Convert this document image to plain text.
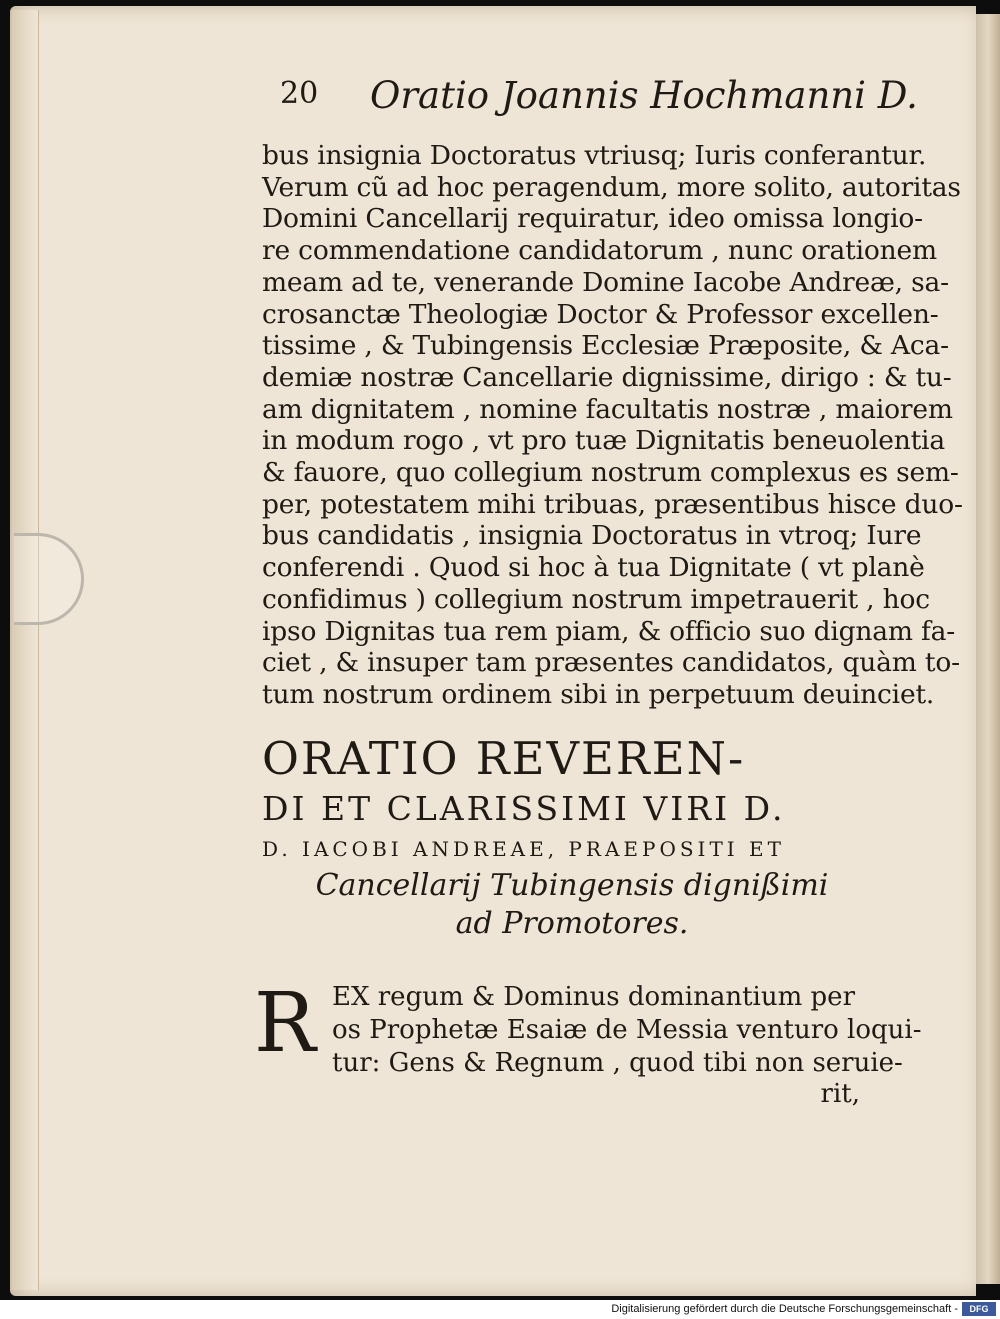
20 Oratio Joannis Hochmanni D.
bus insignia Doctoratus vtriusq; Iuris conferantur.
Verum cũ ad hoc peragendum, more solito, autoritas
Domini Cancellarij requiratur, ideo omissa longio-
re commendatione candidatorum , nunc orationem
meam ad te, venerande Domine Iacobe Andreæ, sa-
crosanctæ Theologiæ Doctor & Professor excellen-
tissime , & Tubingensis Ecclesiæ Præposite, & Aca-
demiæ nostræ Cancellarie dignissime, dirigo : & tu-
am dignitatem , nomine facultatis nostræ , maiorem
in modum rogo , vt pro tuæ Dignitatis beneuolentia
& fauore, quo collegium nostrum complexus es sem-
per, potestatem mihi tribuas, præsentibus hisce duo-
bus candidatis , insignia Doctoratus in vtroq; Iure
conferendi . Quod si hoc à tua Dignitate ( vt planè
confidimus ) collegium nostrum impetrauerit , hoc
ipso Dignitas tua rem piam, & officio suo dignam fa-
ciet , & insuper tam præsentes candidatos, quàm to-
tum nostrum ordinem sibi in perpetuum deuinciet.
ORATIO REVEREN-
DI ET CLARISSIMI VIRI D.
D. IACOBI ANDREAE, PRAEPOSITI ET
Cancellarij Tubingensis dignißimi
ad Promotores.
R EX regum & Dominus dominantium per
os Prophetæ Esaiæ de Messia venturo loqui-
tur: Gens & Regnum , quod tibi non seruie-
rit,
Digitalisierung gefördert durch die Deutsche Forschungsgemeinschaft -	DFG
